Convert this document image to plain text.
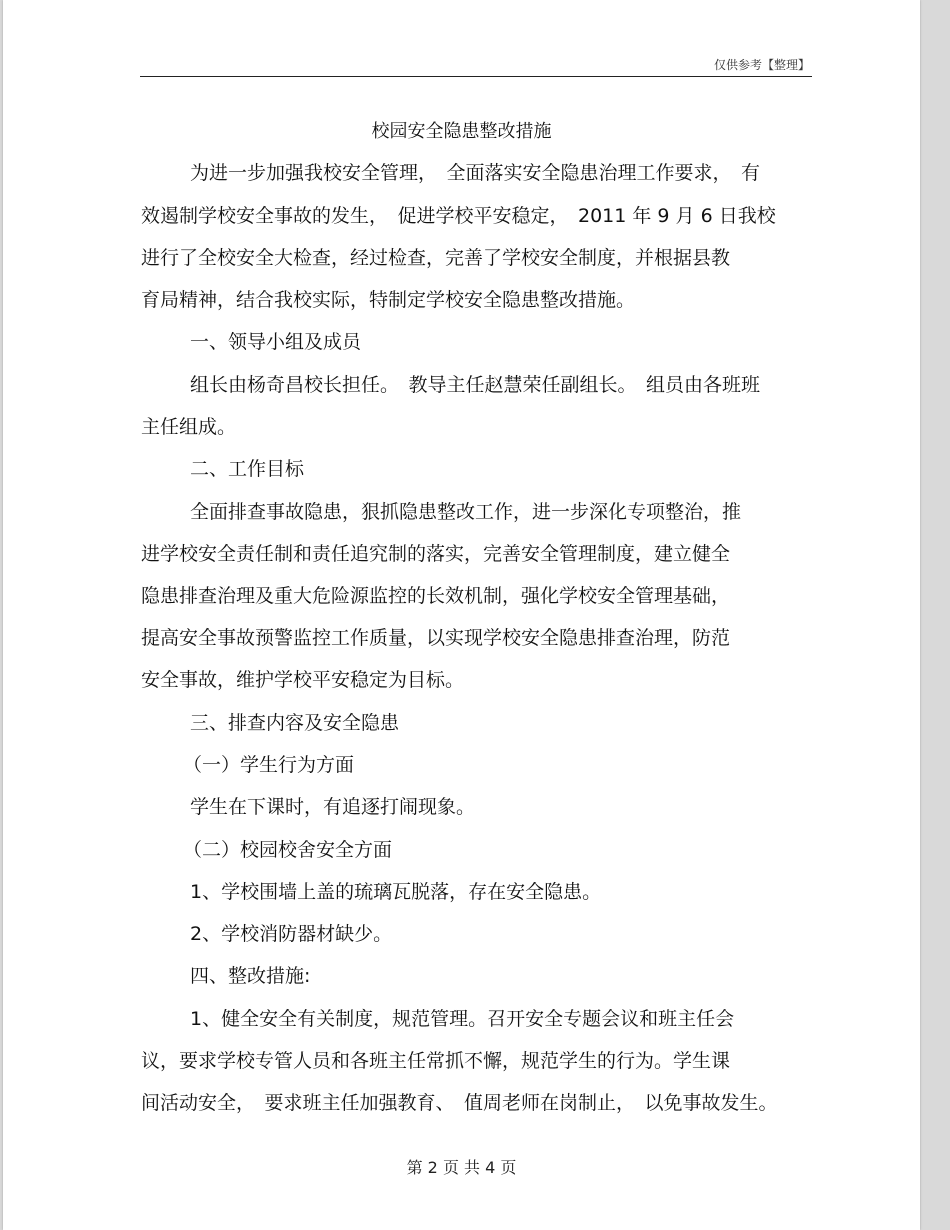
仅供参考【整理】
校园安全隐患整改措施
为进一步加强我校安全管理，　全面落实安全隐患治理工作要求，　有
效遏制学校安全事故的发生，　促进学校平安稳定，　2011 年 9 月 6 日我校
进行了全校安全大检查，经过检查，完善了学校安全制度，并根据县教
育局精神，结合我校实际，特制定学校安全隐患整改措施。
一、领导小组及成员
组长由杨奇昌校长担任。　教导主任赵慧荣任副组长。　组员由各班班
主任组成。
二、工作目标
全面排查事故隐患，狠抓隐患整改工作，进一步深化专项整治，推
进学校安全责任制和责任追究制的落实，完善安全管理制度，建立健全
隐患排查治理及重大危险源监控的长效机制，强化学校安全管理基础，
提高安全事故预警监控工作质量，以实现学校安全隐患排查治理，防范
安全事故，维护学校平安稳定为目标。
三、排查内容及安全隐患
（一）学生行为方面
学生在下课时，有追逐打闹现象。
（二）校园校舍安全方面
1、学校围墙上盖的琉璃瓦脱落，存在安全隐患。
2、学校消防器材缺少。
四、整改措施:
1、健全安全有关制度，规范管理。召开安全专题会议和班主任会
议，要求学校专管人员和各班主任常抓不懈，规范学生的行为。学生课
间活动安全，　要求班主任加强教育、　值周老师在岗制止，　以免事故发生。
第 2 页 共 4 页
